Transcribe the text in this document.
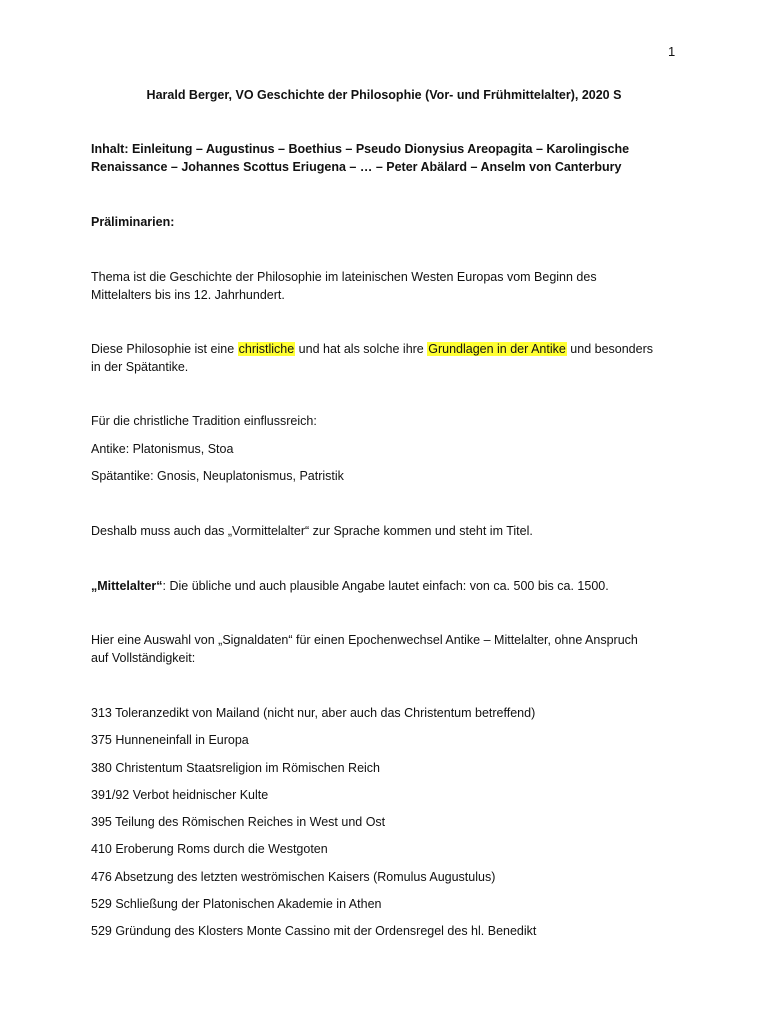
1
Harald Berger, VO Geschichte der Philosophie (Vor- und Frühmittelalter), 2020 S
Inhalt: Einleitung – Augustinus – Boethius – Pseudo Dionysius Areopagita – Karolingische
Renaissance – Johannes Scottus Eriugena – … – Peter Abälard – Anselm von Canterbury
Präliminarien:
Thema ist die Geschichte der Philosophie im lateinischen Westen Europas vom Beginn des
Mittelalters bis ins 12. Jahrhundert.
Diese Philosophie ist eine christliche und hat als solche ihre Grundlagen in der Antike und besonders
in der Spätantike.
Für die christliche Tradition einflussreich:
Antike: Platonismus, Stoa
Spätantike: Gnosis, Neuplatonismus, Patristik
Deshalb muss auch das „Vormittelalter“ zur Sprache kommen und steht im Titel.
„Mittelalter“: Die übliche und auch plausible Angabe lautet einfach: von ca. 500 bis ca. 1500.
Hier eine Auswahl von „Signaldaten“ für einen Epochenwechsel Antike – Mittelalter, ohne Anspruch
auf Vollständigkeit:
313 Toleranzedikt von Mailand (nicht nur, aber auch das Christentum betreffend)
375 Hunneneinfall in Europa
380 Christentum Staatsreligion im Römischen Reich
391/92 Verbot heidnischer Kulte
395 Teilung des Römischen Reiches in West und Ost
410 Eroberung Roms durch die Westgoten
476 Absetzung des letzten weströmischen Kaisers (Romulus Augustulus)
529 Schließung der Platonischen Akademie in Athen
529 Gründung des Klosters Monte Cassino mit der Ordensregel des hl. Benedikt
